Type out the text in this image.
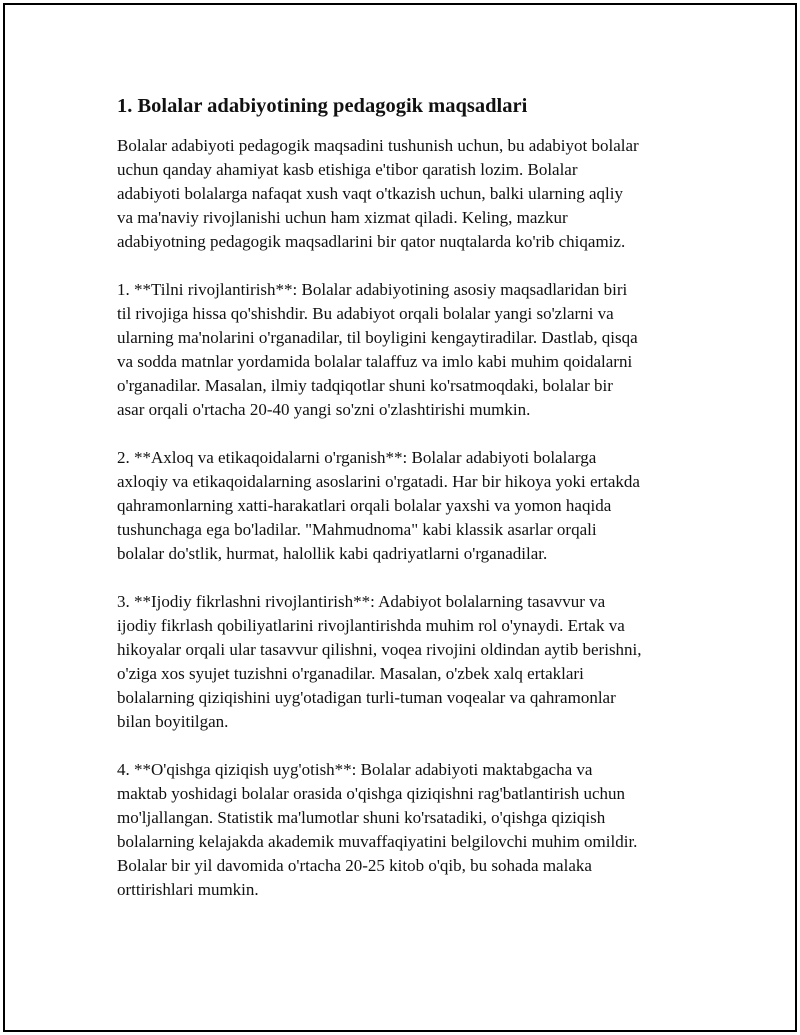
1. Bolalar adabiyotining pedagogik maqsadlari

Bolalar adabiyoti pedagogik maqsadini tushunish uchun, bu adabiyot bolalar
uchun qanday ahamiyat kasb etishiga e'tibor qaratish lozim. Bolalar
adabiyoti bolalarga nafaqat xush vaqt o'tkazish uchun, balki ularning aqliy
va ma'naviy rivojlanishi uchun ham xizmat qiladi. Keling, mazkur
adabiyotning pedagogik maqsadlarini bir qator nuqtalarda ko'rib chiqamiz.

1. **Tilni rivojlantirish**: Bolalar adabiyotining asosiy maqsadlaridan biri
til rivojiga hissa qo'shishdir. Bu adabiyot orqali bolalar yangi so'zlarni va
ularning ma'nolarini o'rganadilar, til boyligini kengaytiradilar. Dastlab, qisqa
va sodda matnlar yordamida bolalar talaffuz va imlo kabi muhim qoidalarni
o'rganadilar. Masalan, ilmiy tadqiqotlar shuni ko'rsatmoqdaki, bolalar bir
asar orqali o'rtacha 20-40 yangi so'zni o'zlashtirishi mumkin.

2. **Axloq va etikaqoidalarni o'rganish**: Bolalar adabiyoti bolalarga
axloqiy va etikaqoidalarning asoslarini o'rgatadi. Har bir hikoya yoki ertakda
qahramonlarning xatti-harakatlari orqali bolalar yaxshi va yomon haqida
tushunchaga ega bo'ladilar. "Mahmudnoma" kabi klassik asarlar orqali
bolalar do'stlik, hurmat, halollik kabi qadriyatlarni o'rganadilar.

3. **Ijodiy fikrlashni rivojlantirish**: Adabiyot bolalarning tasavvur va
ijodiy fikrlash qobiliyatlarini rivojlantirishda muhim rol o'ynaydi. Ertak va
hikoyalar orqali ular tasavvur qilishni, voqea rivojini oldindan aytib berishni,
o'ziga xos syujet tuzishni o'rganadilar. Masalan, o'zbek xalq ertaklari
bolalarning qiziqishini uyg'otadigan turli-tuman voqealar va qahramonlar
bilan boyitilgan.

4. **O'qishga qiziqish uyg'otish**: Bolalar adabiyoti maktabgacha va
maktab yoshidagi bolalar orasida o'qishga qiziqishni rag'batlantirish uchun
mo'ljallangan. Statistik ma'lumotlar shuni ko'rsatadiki, o'qishga qiziqish
bolalarning kelajakda akademik muvaffaqiyatini belgilovchi muhim omildir.
Bolalar bir yil davomida o'rtacha 20-25 kitob o'qib, bu sohada malaka
orttirishlari mumkin.
